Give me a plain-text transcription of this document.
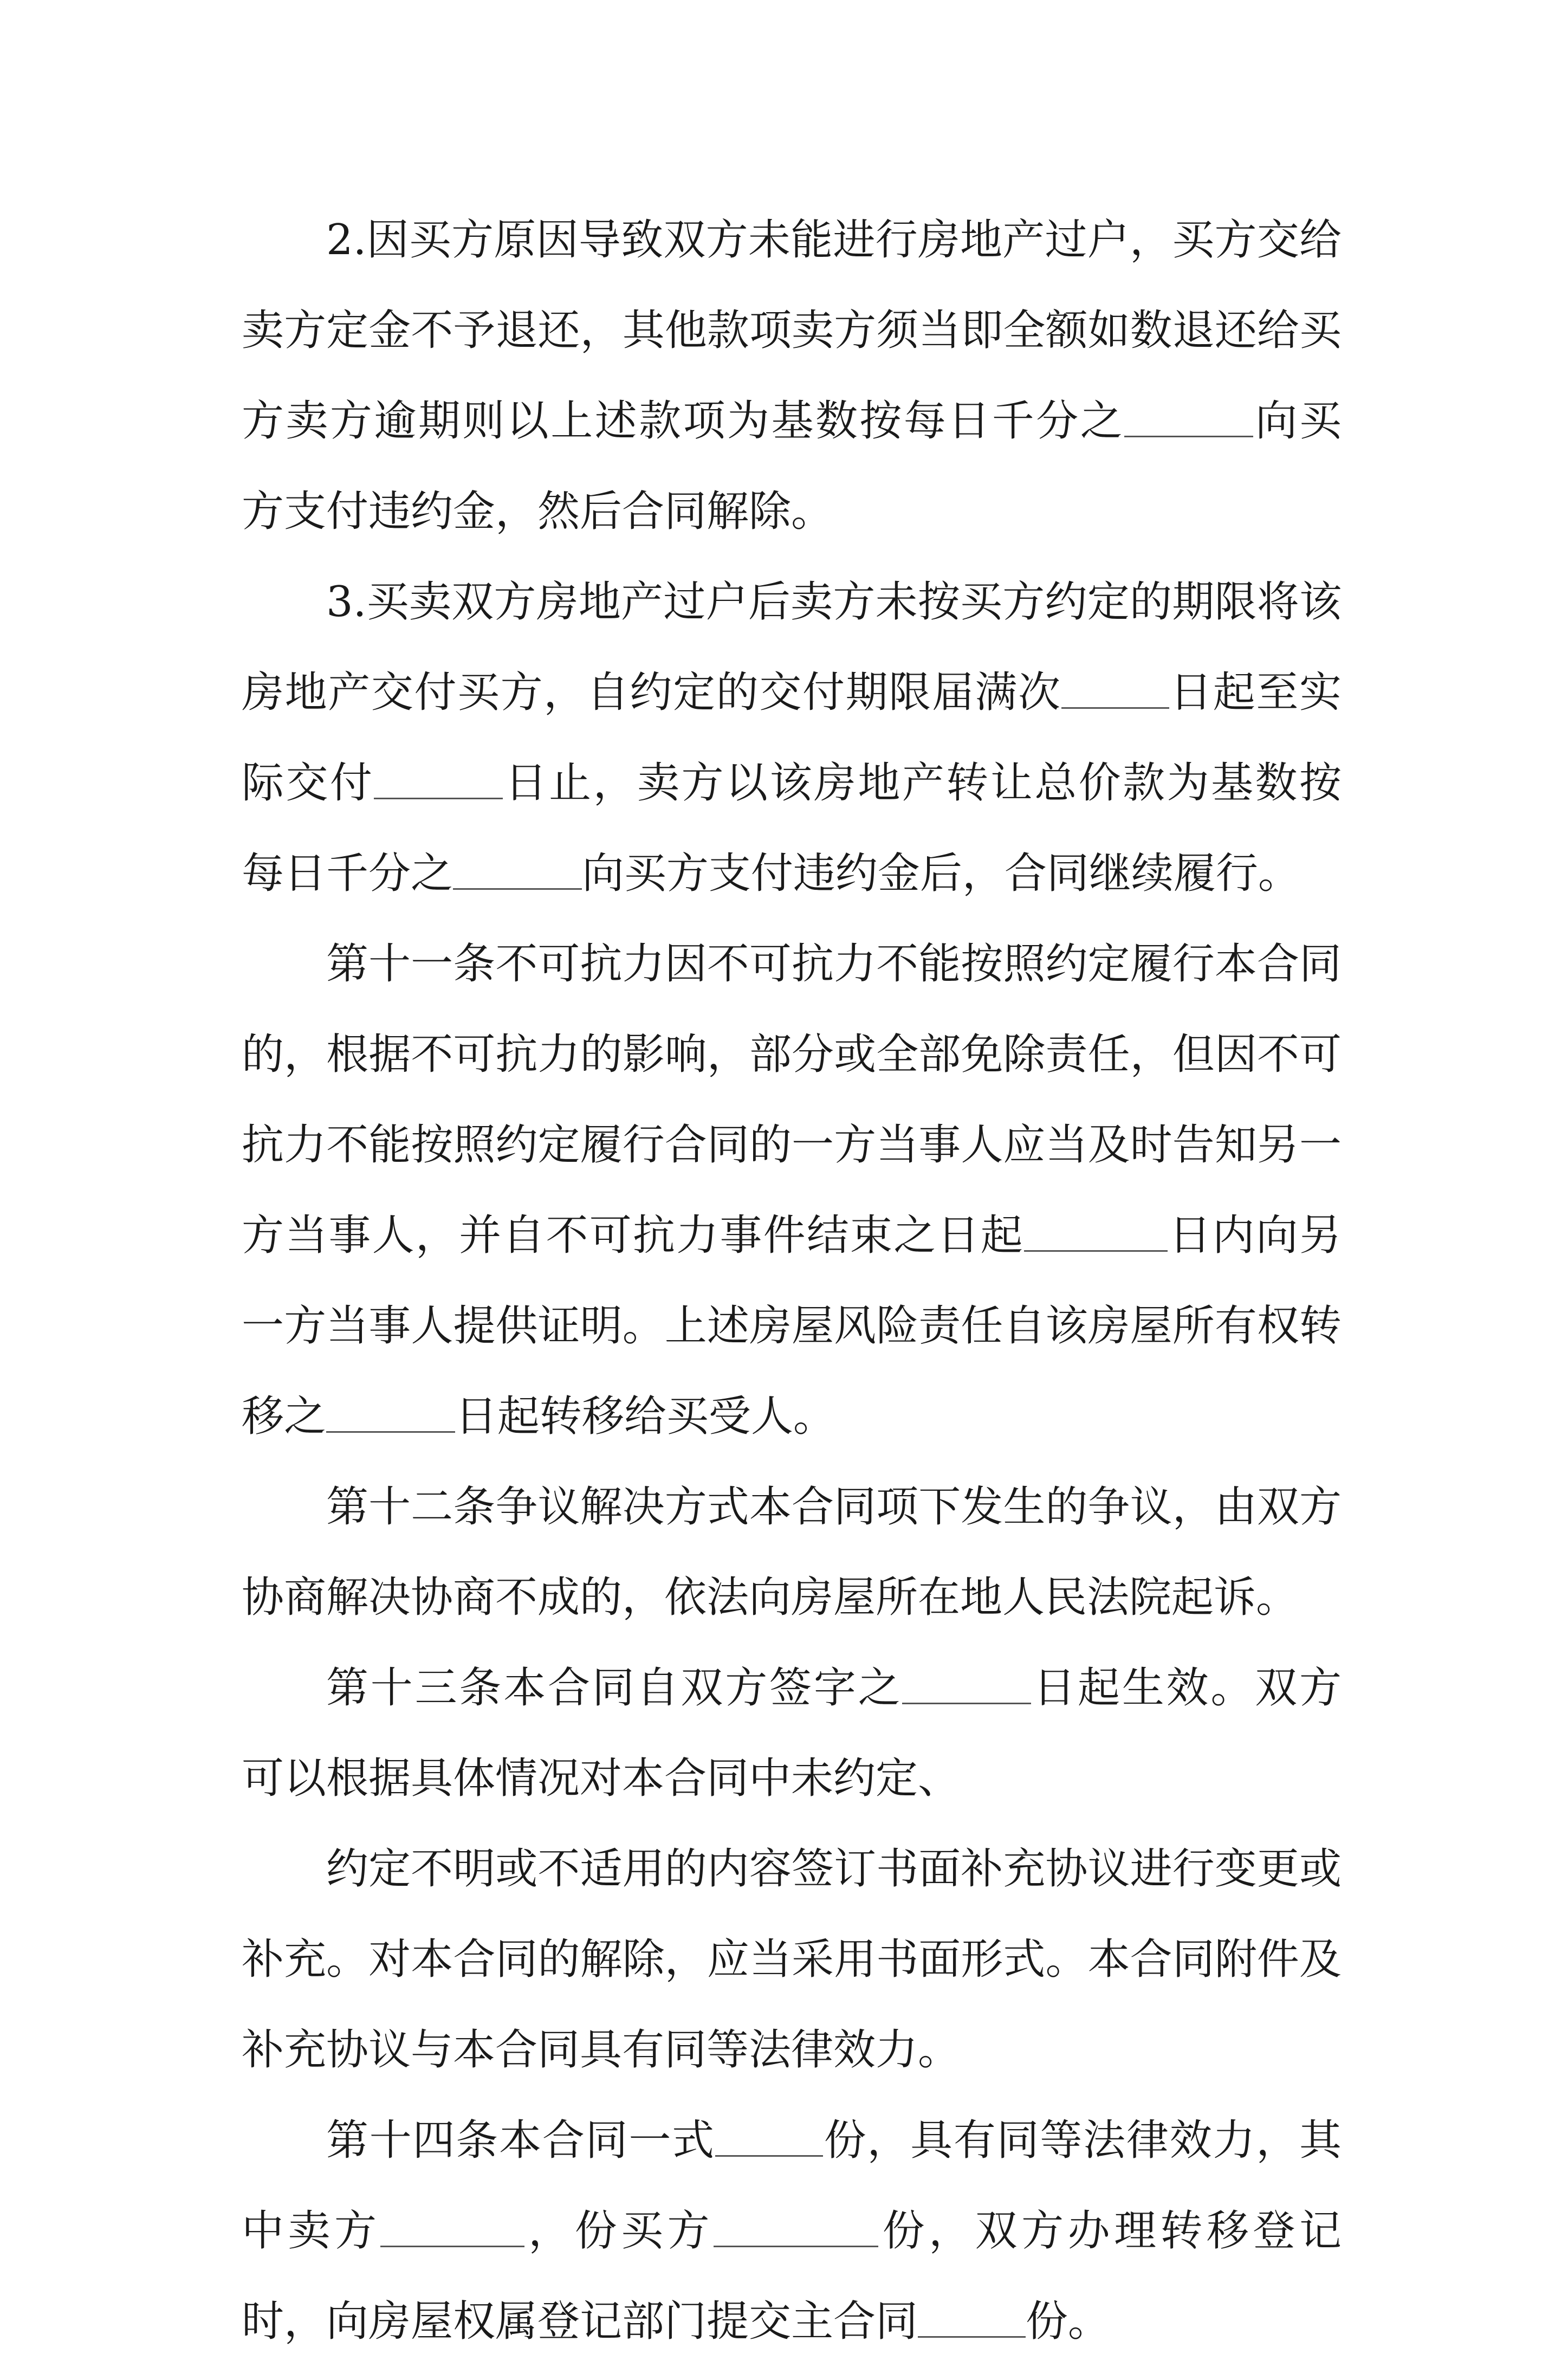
2.因买方原因导致双方未能进行房地产过户，买方交给卖方定金不予退还，其他款项卖方须当即全额如数退还给买方卖方逾期则以上述款项为基数按每日千分之	向买方支付违约金，然后合同解除。

3.买卖双方房地产过户后卖方未按买方约定的期限将该房地产交付买方，自约定的交付期限届满次	日起至实际交付	日止，卖方以该房地产转让总价款为基数按每日千分之	向买方支付违约金后，合同继续履行。

第十一条不可抗力因不可抗力不能按照约定履行本合同的，根据不可抗力的影响，部分或全部免除责任，但因不可抗力不能按照约定履行合同的一方当事人应当及时告知另一方当事人，并自不可抗力事件结束之日起	日内向另一方当事人提供证明。上述房屋风险责任自该房屋所有权转移之	日起转移给买受人。

第十二条争议解决方式本合同项下发生的争议，由双方协商解决协商不成的，依法向房屋所在地人民法院起诉。

第十三条本合同自双方签字之	日起生效。双方可以根据具体情况对本合同中未约定、

约定不明或不适用的内容签订书面补充协议进行变更或补充。对本合同的解除，应当采用书面形式。本合同附件及补充协议与本合同具有同等法律效力。

第十四条本合同一式	份，具有同等法律效力，其中卖方	，份买方	份，双方办理转移登记时，向房屋权属登记部门提交主合同	份。
